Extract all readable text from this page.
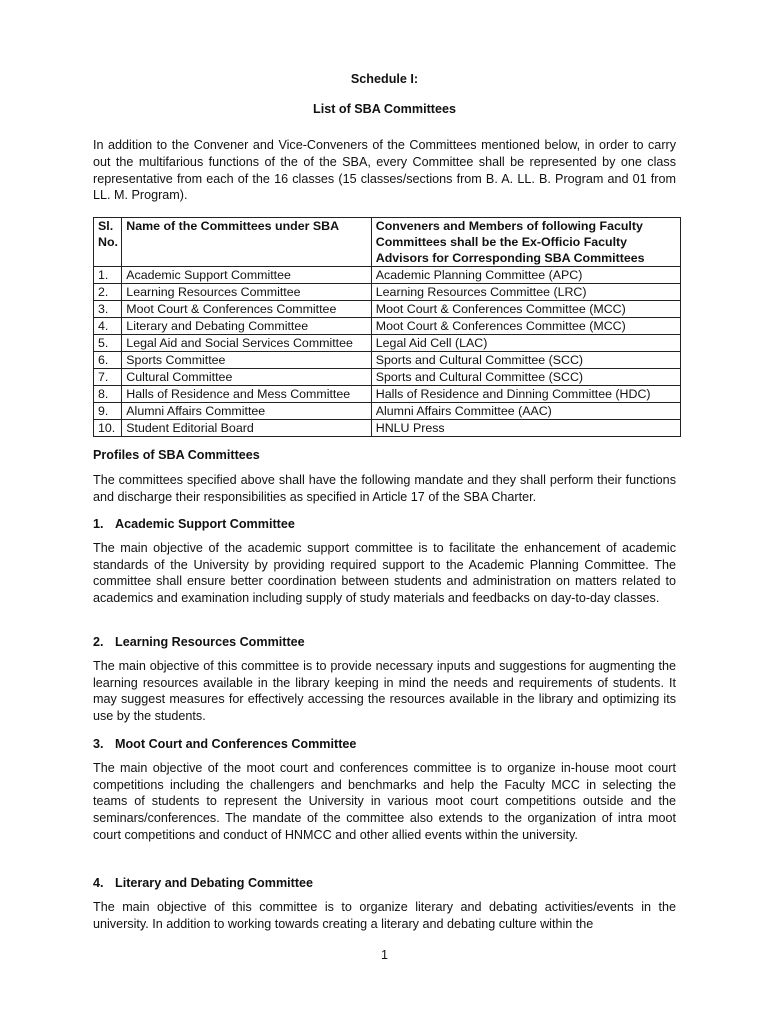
Schedule I:
List of SBA Committees
In addition to the Convener and Vice-Conveners of the Committees mentioned below, in order to carry out the multifarious functions of the of the SBA, every Committee shall be represented by one class representative from each of the 16 classes (15 classes/sections from B. A. LL. B. Program and 01 from LL. M. Program).
Sl. No.	Name of the Committees under SBA	Conveners and Members of following Faculty Committees shall be the Ex-Officio Faculty Advisors for Corresponding SBA Committees
1.	Academic Support Committee	Academic Planning Committee (APC)
2.	Learning Resources Committee	Learning Resources Committee (LRC)
3.	Moot Court & Conferences Committee	Moot Court & Conferences Committee (MCC)
4.	Literary and Debating Committee	Moot Court & Conferences Committee (MCC)
5.	Legal Aid and Social Services Committee	Legal Aid Cell (LAC)
6.	Sports Committee	Sports and Cultural Committee (SCC)
7.	Cultural Committee	Sports and Cultural Committee (SCC)
8.	Halls of Residence and Mess Committee	Halls of Residence and Dinning Committee (HDC)
9.	Alumni Affairs Committee	Alumni Affairs Committee (AAC)
10.	Student Editorial Board	HNLU Press
Profiles of SBA Committees
The committees specified above shall have the following mandate and they shall perform their functions and discharge their responsibilities as specified in Article 17 of the SBA Charter.
1. Academic Support Committee

The main objective of the academic support committee is to facilitate the enhancement of academic standards of the University by providing required support to the Academic Planning Committee. The committee shall ensure better coordination between students and administration on matters related to academics and examination including supply of study materials and feedbacks on day-to-day classes.

2. Learning Resources Committee

The main objective of this committee is to provide necessary inputs and suggestions for augmenting the learning resources available in the library keeping in mind the needs and requirements of students. It may suggest measures for effectively accessing the resources available in the library and optimizing its use by the students.

3. Moot Court and Conferences Committee

The main objective of the moot court and conferences committee is to organize in-house moot court competitions including the challengers and benchmarks and help the Faculty MCC in selecting the teams of students to represent the University in various moot court competitions outside and the seminars/conferences. The mandate of the committee also extends to the organization of intra moot court competitions and conduct of HNMCC and other allied events within the university.

4. Literary and Debating Committee

The main objective of this committee is to organize literary and debating activities/events in the university. In addition to working towards creating a literary and debating culture within the

1
